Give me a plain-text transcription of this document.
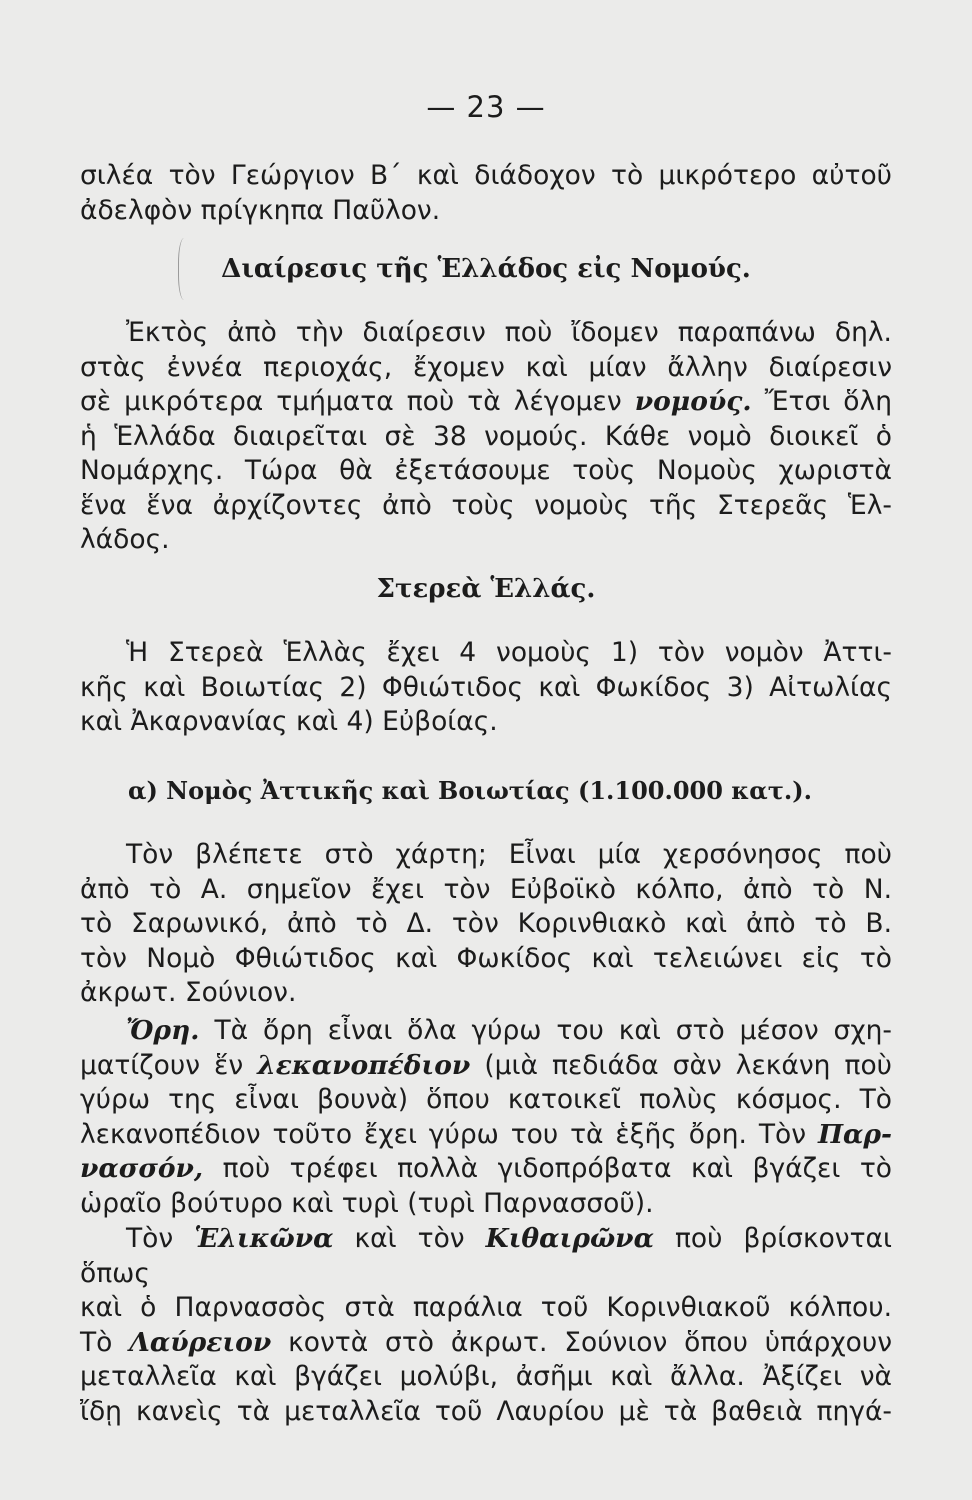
— 23 —

σιλέα τὸν Γεώργιον Β΄ καὶ διάδοχον τὸ μικρότερο αὐτοῦ

ἀδελφὸν πρίγκηπα Παῦλον.

Διαίρεσις τῆς Ἑλλάδος εἰς Νομούς.

Ἐκτὸς ἀπὸ τὴν διαίρεσιν ποὺ ἴδομεν παραπάνω δηλ.

στὰς ἐννέα περιοχάς, ἔχομεν καὶ μίαν ἄλλην διαίρεσιν

σὲ μικρότερα τμήματα ποὺ τὰ λέγομεν νομούς. Ἔτσι ὅλη

ἡ Ἑλλάδα διαιρεῖται σὲ 38 νομούς. Κάθε νομὸ διοικεῖ ὁ

Νομάρχης. Τώρα θὰ ἐξετάσουμε τοὺς Νομοὺς χωριστὰ

ἕνα ἕνα ἀρχίζοντες ἀπὸ τοὺς νομοὺς τῆς Στερεᾶς Ἑλ-

λάδος.

Στερεὰ Ἑλλάς.

Ἡ Στερεὰ Ἑλλὰς ἔχει 4 νομοὺς 1) τὸν νομὸν Ἀττι-

κῆς καὶ Βοιωτίας 2) Φθιώτιδος καὶ Φωκίδος 3) Αἰτωλίας

καὶ Ἀκαρνανίας καὶ 4) Εὐβοίας.

α) Νομὸς Ἀττικῆς καὶ Βοιωτίας (1.100.000 κατ.).

Τὸν βλέπετε στὸ χάρτη; Εἶναι μία χερσόνησος ποὺ

ἀπὸ τὸ Α. σημεῖον ἔχει τὸν Εὐβοϊκὸ κόλπο, ἀπὸ τὸ Ν.

τὸ Σαρωνικό, ἀπὸ τὸ Δ. τὸν Κορινθιακὸ καὶ ἀπὸ τὸ Β.

τὸν Νομὸ Φθιώτιδος καὶ Φωκίδος καὶ τελειώνει εἰς τὸ

ἀκρωτ. Σούνιον.

Ὄρη. Τὰ ὄρη εἶναι ὅλα γύρω του καὶ στὸ μέσον σχη-

ματίζουν ἕν λεκανοπέδιον (μιὰ πεδιάδα σὰν λεκάνη ποὺ

γύρω της εἶναι βουνὰ) ὅπου κατοικεῖ πολὺς κόσμος. Τὸ

λεκανοπέδιον τοῦτο ἔχει γύρω του τὰ ἑξῆς ὄρη. Τὸν Παρ-

νασσόν, ποὺ τρέφει πολλὰ γιδοπρόβατα καὶ βγάζει τὸ

ὡραῖο βούτυρο καὶ τυρὶ (τυρὶ Παρνασσοῦ).

Τὸν Ἑλικῶνα καὶ τὸν Κιθαιρῶνα ποὺ βρίσκονται ὅπως

καὶ ὁ Παρνασσὸς στὰ παράλια τοῦ Κορινθιακοῦ κόλπου.

Τὸ Λαύρειον κοντὰ στὸ ἀκρωτ. Σούνιον ὅπου ὑπάρχουν

μεταλλεῖα καὶ βγάζει μολύβι, ἀσῆμι καὶ ἄλλα. Ἀξίζει νὰ

ἴδῃ κανεὶς τὰ μεταλλεῖα τοῦ Λαυρίου μὲ τὰ βαθειὰ πηγά-
